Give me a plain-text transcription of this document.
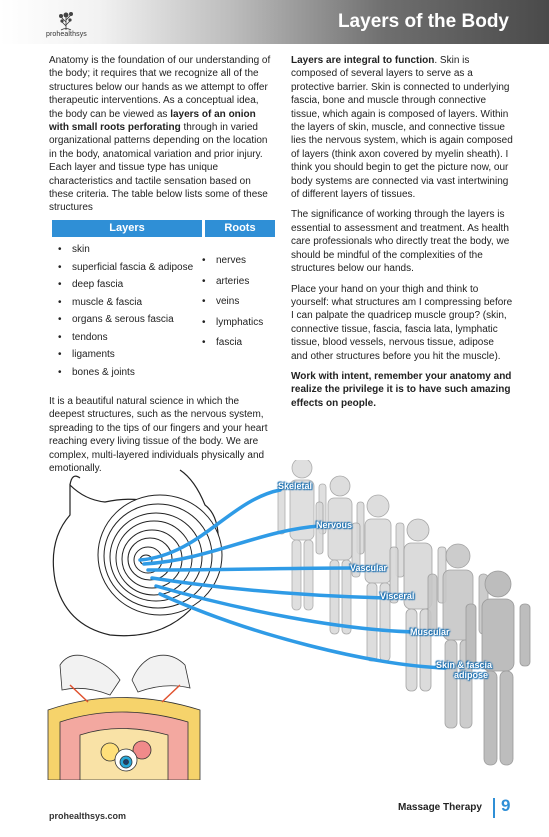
prohealthsys
Layers of the Body

Anatomy is the foundation of our understanding of the body; it requires that we recognize all of the structures below our hands as we attempt to offer therapeutic interventions. As a conceptual idea, the body can be viewed as layers of an onion with small roots perforating through in varied organizational patterns depending on the location in the body, anatomical variation and prior injury. Each layer and tissue type has unique characteristics and tactile sensation based on these criteria. The table below lists some of these structures

Layers	Roots
• skin
• superficial fascia & adipose
• deep fascia
• muscle & fascia
• organs & serous fascia
• tendons
• ligaments
• bones & joints
• nerves
• arteries
• veins
• lymphatics
• fascia

It is a beautiful natural science in which the deepest structures, such as the nervous system, spreading to the tips of our fingers and your heart reaching every living tissue of the body. We are complex, multi-layered individuals physically and emotionally.

Layers are integral to function. Skin is composed of several layers to serve as a protective barrier. Skin is connected to underlying fascia, bone and muscle through connective tissue, which again is composed of layers. Within the layers of skin, muscle, and connective tissue lies the nervous system, which is again composed of layers (think axon covered by myelin sheath). I think you should begin to get the picture now, our body systems are connected via vast intertwining of different layers of tissues.

The significance of working through the layers is essential to assessment and treatment. As health care professionals who directly treat the body, we should be mindful of the complexities of the structures below our hands.

Place your hand on your thigh and think to yourself: what structures am I compressing before I can palpate the quadricep muscle group? (skin, connective tissue, fascia, fascia lata, lymphatic tissue, blood vessels, nervous tissue, adipose and other structures before you hit the muscle).

Work with intent, remember your anatomy and realize the privilege it is to have such amazing effects on people.

Skeletal
Nervous
Vascular
Visceral
Muscular
Skin & fascia
adipose
prohealthsys.com
Massage Therapy 9
